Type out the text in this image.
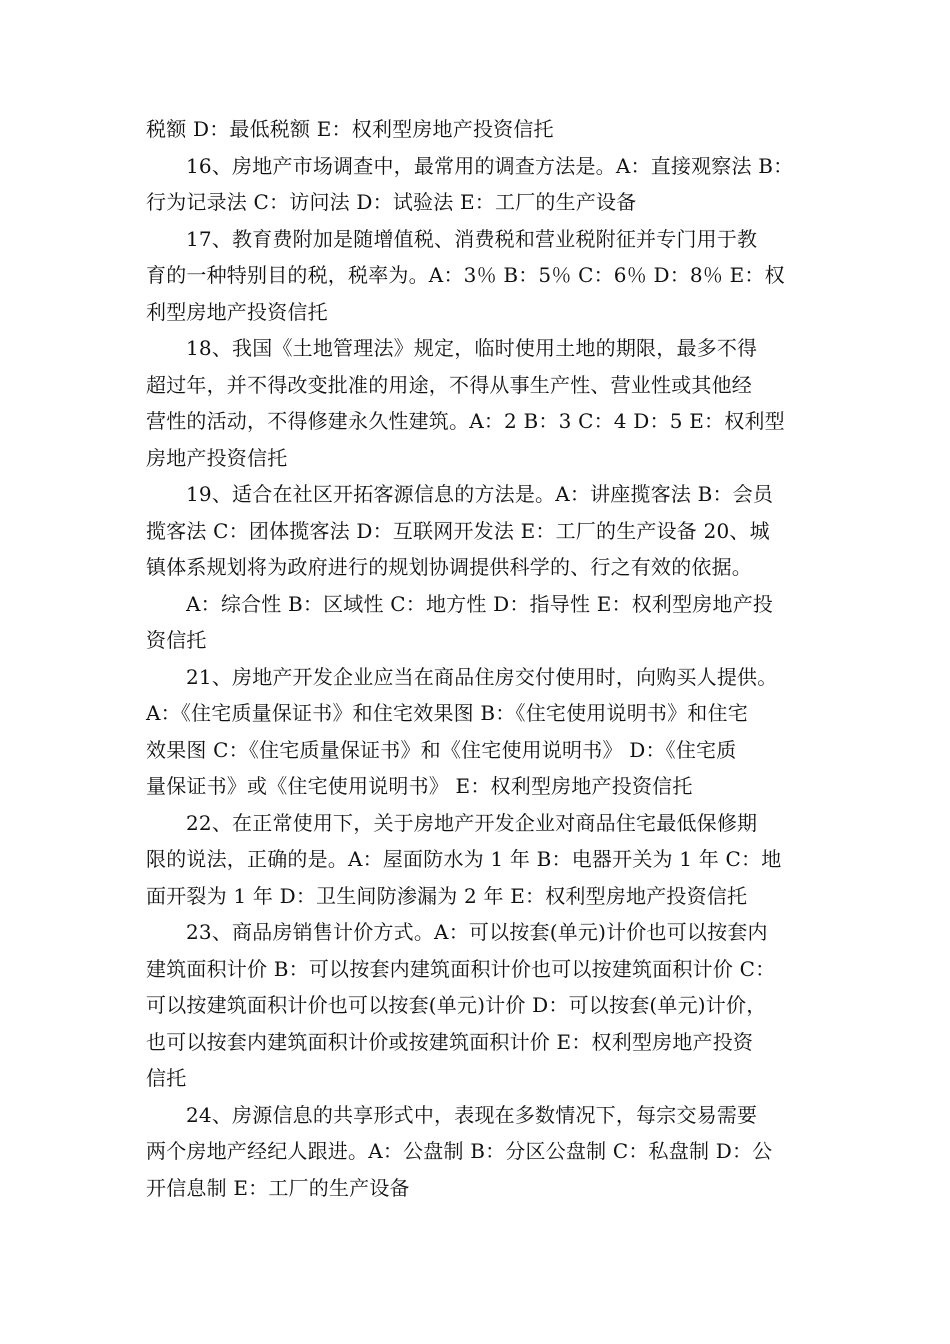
税额 D：最低税额 E：权利型房地产投资信托
16、房地产市场调查中，最常用的调查方法是。A：直接观察法 B：
行为记录法 C：访问法 D：试验法 E：工厂的生产设备
17、教育费附加是随增值税、消费税和营业税附征并专门用于教
育的一种特别目的税，税率为。A：3％ B：5％ C：6％ D：8％ E：权
利型房地产投资信托
18、我国《土地管理法》规定，临时使用土地的期限，最多不得
超过年，并不得改变批准的用途，不得从事生产性、营业性或其他经
营性的活动，不得修建永久性建筑。A：2 B：3 C：4 D：5 E：权利型
房地产投资信托
19、适合在社区开拓客源信息的方法是。A：讲座揽客法 B：会员
揽客法 C：团体揽客法 D：互联网开发法 E：工厂的生产设备 20、城
镇体系规划将为政府进行的规划协调提供科学的、行之有效的依据。
A：综合性 B：区域性 C：地方性 D：指导性 E：权利型房地产投
资信托
21、房地产开发企业应当在商品住房交付使用时，向购买人提供。
A：《住宅质量保证书》和住宅效果图 B：《住宅使用说明书》和住宅
效果图 C：《住宅质量保证书》和《住宅使用说明书》 D：《住宅质
量保证书》或《住宅使用说明书》 E：权利型房地产投资信托
22、在正常使用下，关于房地产开发企业对商品住宅最低保修期
限的说法，正确的是。A：屋面防水为 1 年 B：电器开关为 1 年 C：地
面开裂为 1 年 D：卫生间防渗漏为 2 年 E：权利型房地产投资信托
23、商品房销售计价方式。A：可以按套(单元)计价也可以按套内
建筑面积计价 B：可以按套内建筑面积计价也可以按建筑面积计价 C：
可以按建筑面积计价也可以按套(单元)计价 D：可以按套(单元)计价，
也可以按套内建筑面积计价或按建筑面积计价 E：权利型房地产投资
信托
24、房源信息的共享形式中，表现在多数情况下，每宗交易需要
两个房地产经纪人跟进。A：公盘制 B：分区公盘制 C：私盘制 D：公
开信息制 E：工厂的生产设备
